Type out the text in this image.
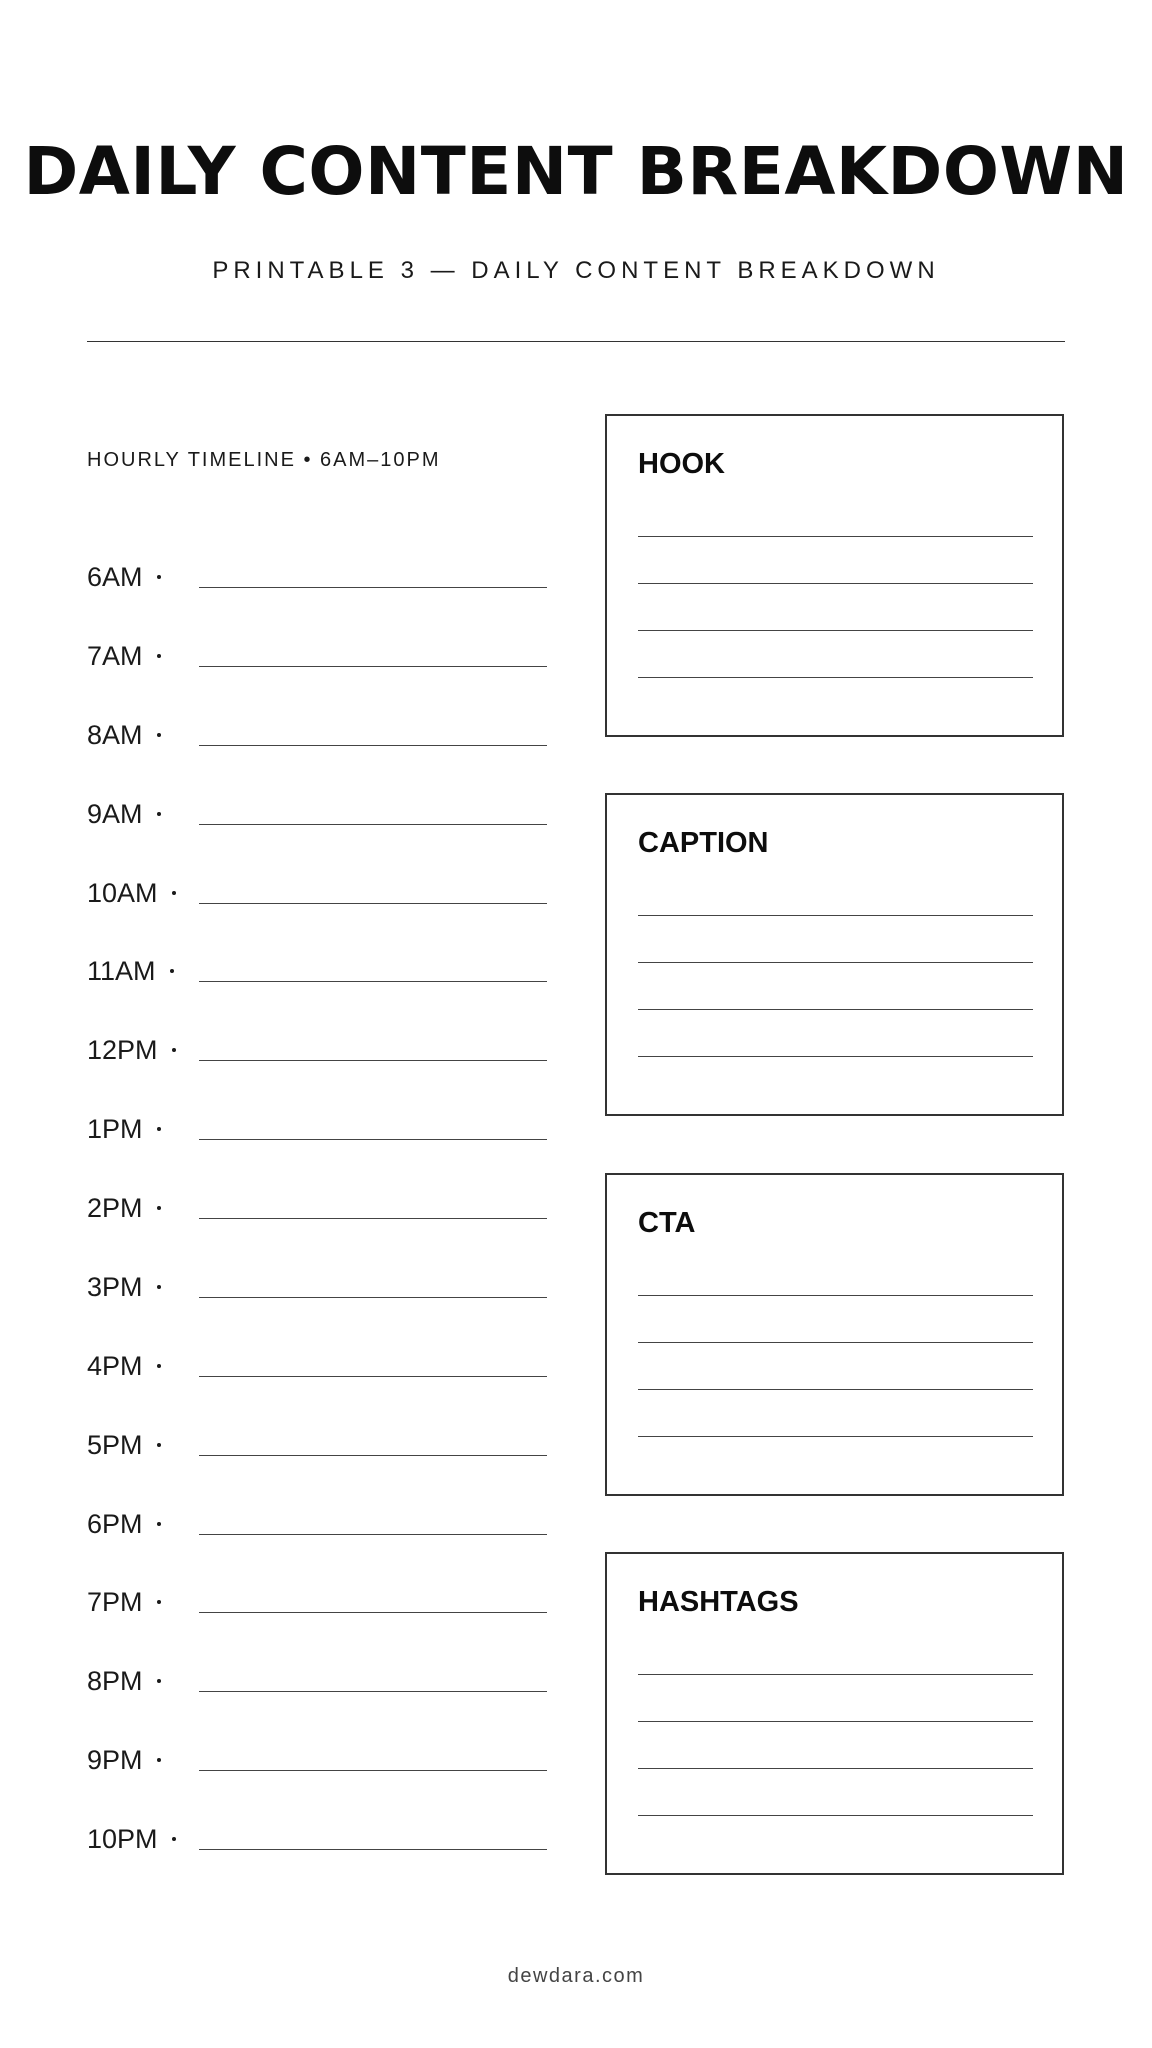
DAILY CONTENT BREAKDOWN
PRINTABLE 3 — DAILY CONTENT BREAKDOWN
HOURLY TIMELINE • 6AM–10PM
6AM
7AM
8AM
9AM
10AM
11AM
12PM
1PM
2PM
3PM
4PM
5PM
6PM
7PM
8PM
9PM
10PM
HOOK
CAPTION
CTA
HASHTAGS
dewdara.com
